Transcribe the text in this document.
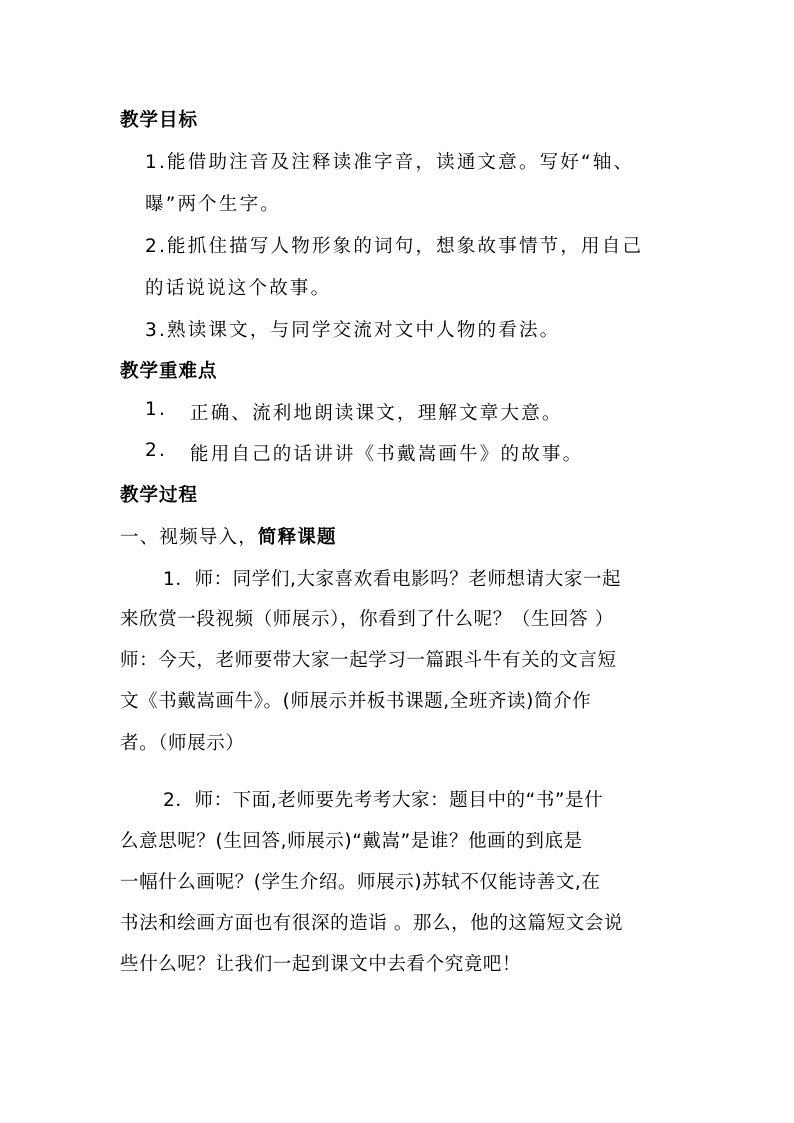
教学目标
1.能借助注音及注释读准字音，读通文意。写好“轴、
曝”两个生字。
2.能抓住描写人物形象的词句，想象故事情节，用自己
的话说说这个故事。
3.熟读课文，与同学交流对文中人物的看法。
教学重难点
1. 正确、流利地朗读课文，理解文章大意。
2. 能用自己的话讲讲《书戴嵩画牛》的故事。
教学过程
一、视频导入，简释课题
1．师：同学们,大家喜欢看电影吗？老师想请大家一起
来欣赏一段视频（师展示），你看到了什么呢？（生回答 ）
师：今天，老师要带大家一起学习一篇跟斗牛有关的文言短
文《书戴嵩画牛》。(师展示并板书课题,全班齐读)简介作
者。（师展示）
2．师：下面,老师要先考考大家：题目中的“书”是什
么意思呢？(生回答,师展示)“戴嵩”是谁？他画的到底是
一幅什么画呢？(学生介绍。师展示)苏轼不仅能诗善文,在
书法和绘画方面也有很深的造诣 。那么，他的这篇短文会说
些什么呢？让我们一起到课文中去看个究竟吧！
